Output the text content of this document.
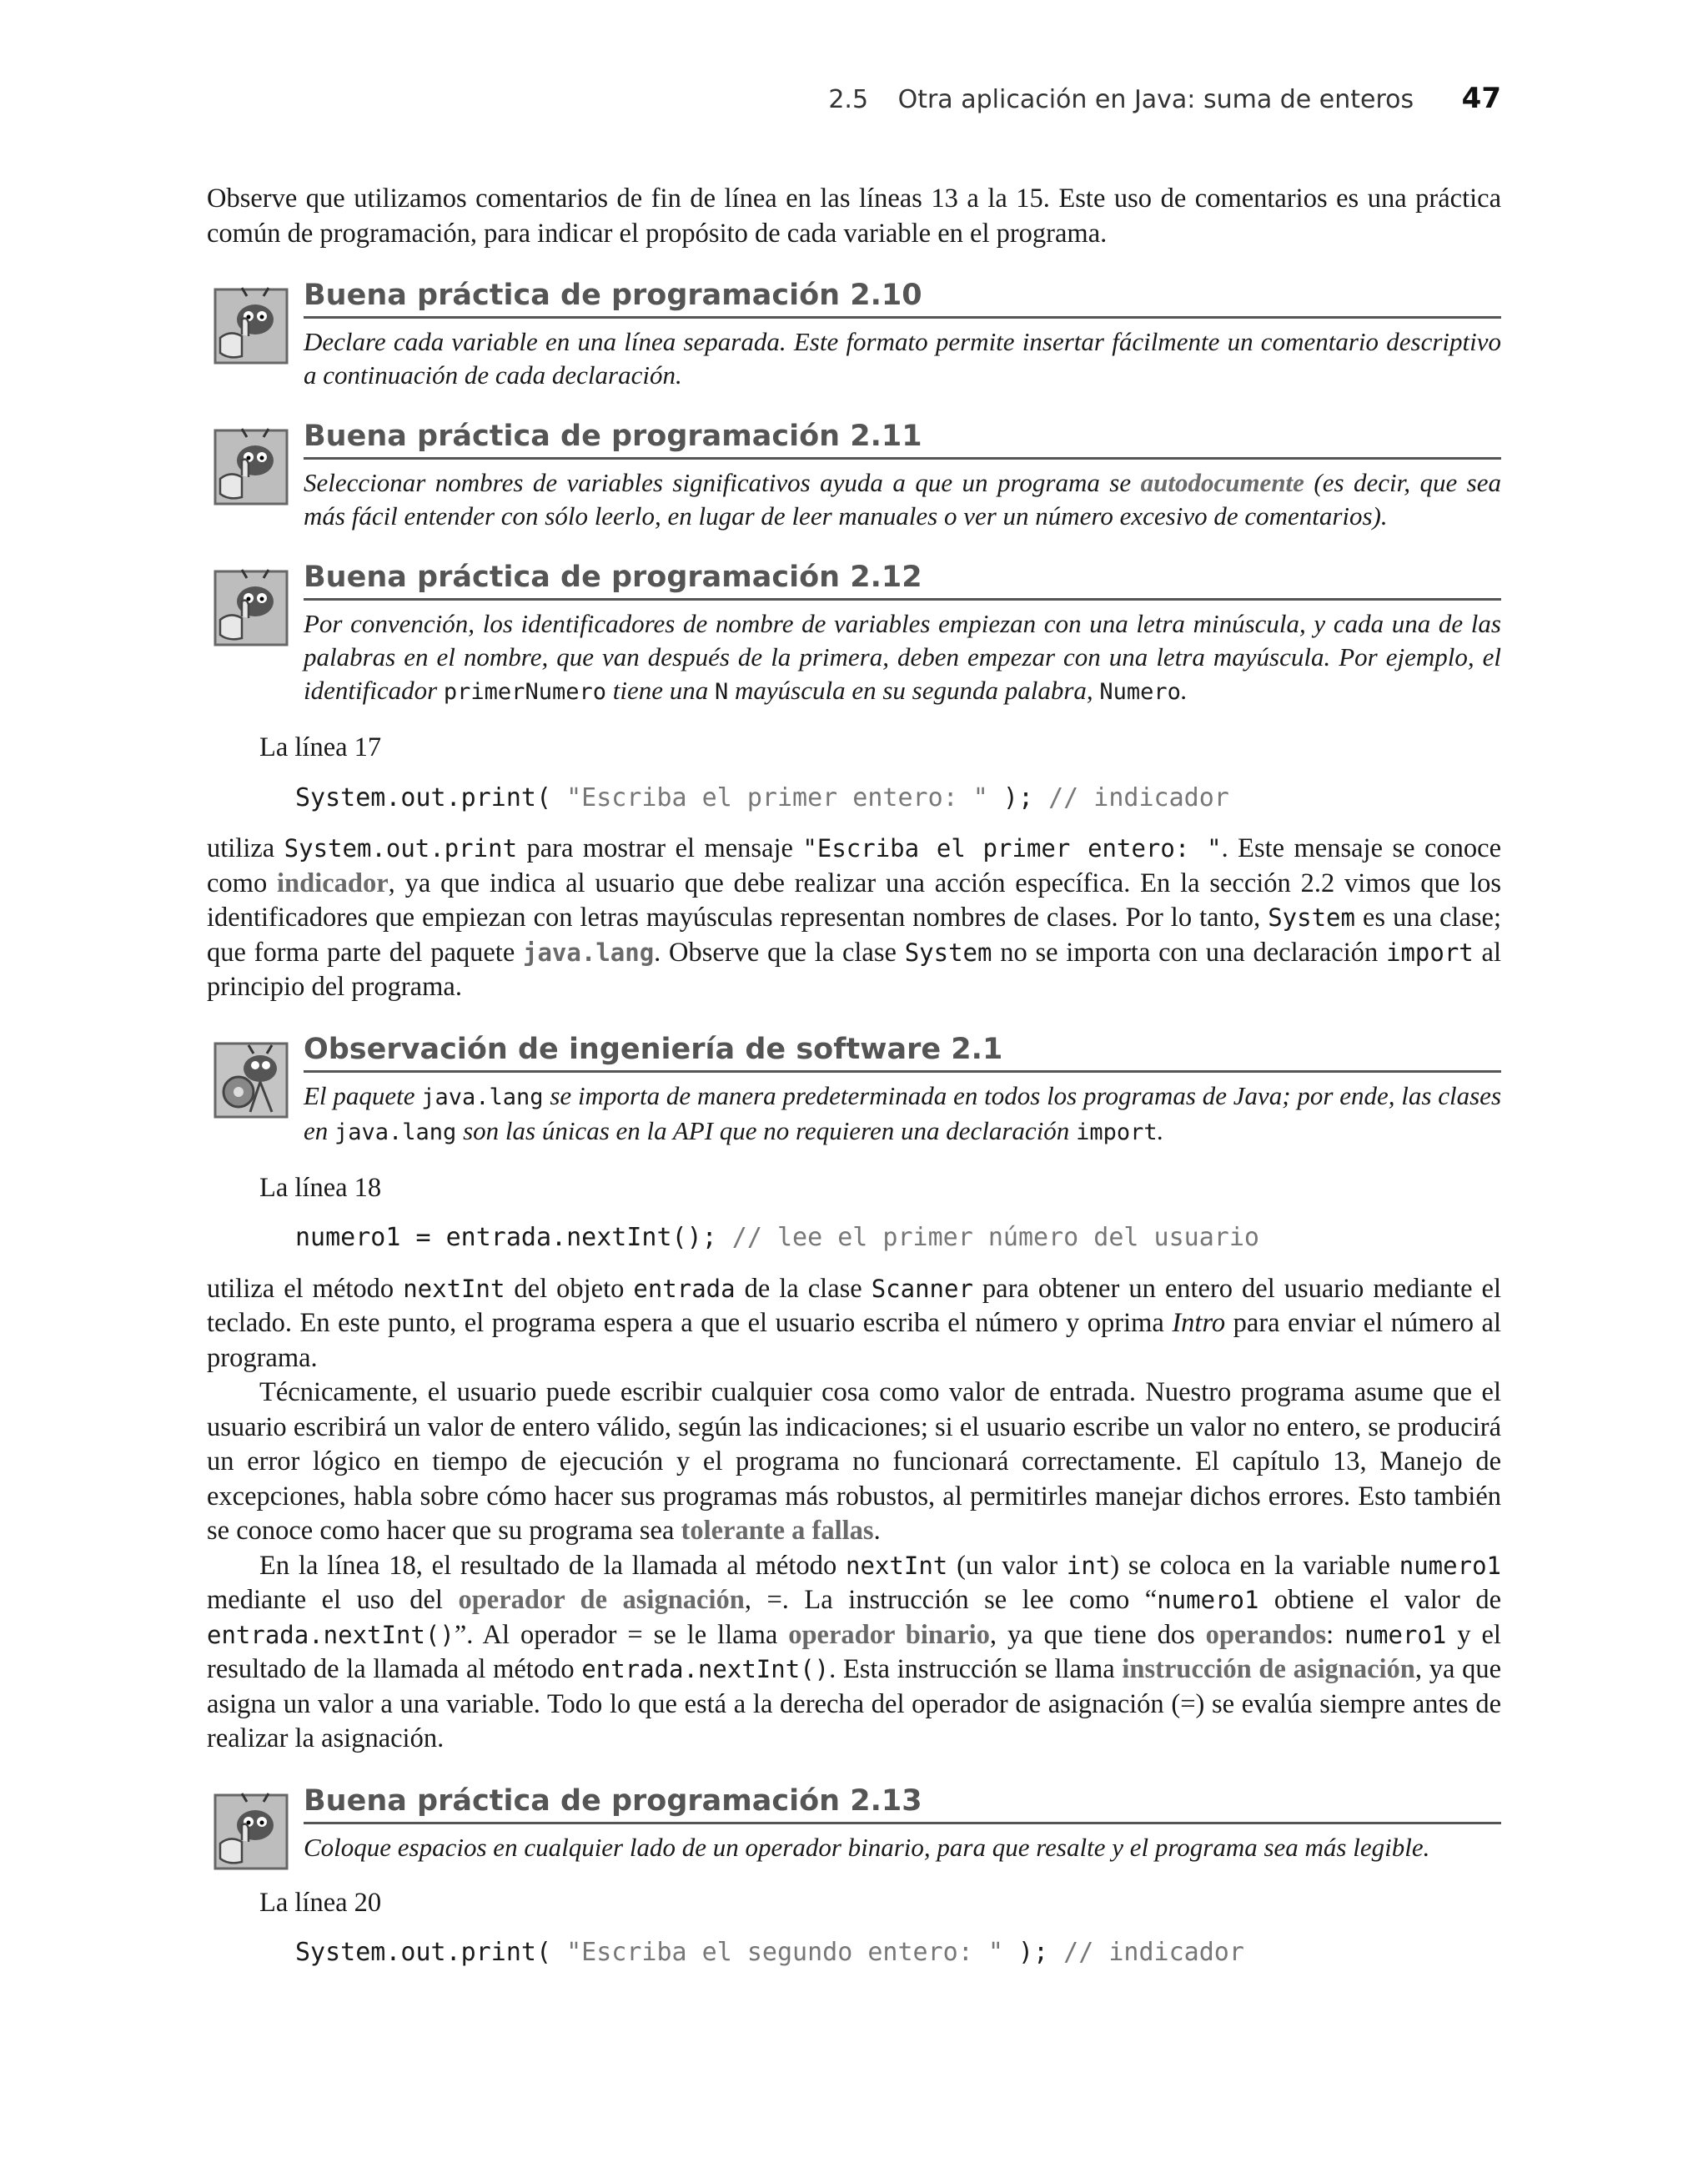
2.5 Otra aplicación en Java: suma de enteros 47

Observe que utilizamos comentarios de fin de línea en las líneas 13 a la 15. Este uso de comentarios es una práctica común de programación, para indicar el propósito de cada variable en el programa.

Buena práctica de programación 2.10
Declare cada variable en una línea separada. Este formato permite insertar fácilmente un comentario descriptivo a continuación de cada declaración.
Buena práctica de programación 2.11
Seleccionar nombres de variables significativos ayuda a que un programa se autodocumente (es decir, que sea más fácil entender con sólo leerlo, en lugar de leer manuales o ver un número excesivo de comentarios).
Buena práctica de programación 2.12
Por convención, los identificadores de nombre de variables empiezan con una letra minúscula, y cada una de las palabras en el nombre, que van después de la primera, deben empezar con una letra mayúscula. Por ejemplo, el identificador primerNumero tiene una N mayúscula en su segunda palabra, Numero.

La línea 17

System.out.print( "Escriba el primer entero: " ); // indicador

utiliza System.out.print para mostrar el mensaje "Escriba el primer entero: ". Este mensaje se conoce como indicador, ya que indica al usuario que debe realizar una acción específica. En la sección 2.2 vimos que los identificadores que empiezan con letras mayúsculas representan nombres de clases. Por lo tanto, System es una clase; que forma parte del paquete java.lang. Observe que la clase System no se importa con una declaración import al principio del programa.

Observación de ingeniería de software 2.1
El paquete java.lang se importa de manera predeterminada en todos los programas de Java; por ende, las clases en java.lang son las únicas en la API que no requieren una declaración import.

La línea 18

numero1 = entrada.nextInt(); // lee el primer número del usuario

utiliza el método nextInt del objeto entrada de la clase Scanner para obtener un entero del usuario mediante el teclado. En este punto, el programa espera a que el usuario escriba el número y oprima Intro para enviar el número al programa.

Técnicamente, el usuario puede escribir cualquier cosa como valor de entrada. Nuestro programa asume que el usuario escribirá un valor de entero válido, según las indicaciones; si el usuario escribe un valor no entero, se producirá un error lógico en tiempo de ejecución y el programa no funcionará correctamente. El capítulo 13, Manejo de excepciones, habla sobre cómo hacer sus programas más robustos, al permitirles manejar dichos errores. Esto también se conoce como hacer que su programa sea tolerante a fallas.

En la línea 18, el resultado de la llamada al método nextInt (un valor int) se coloca en la variable numero1 mediante el uso del operador de asignación, =. La instrucción se lee como “numero1 obtiene el valor de entrada.nextInt()”. Al operador = se le llama operador binario, ya que tiene dos operandos: numero1 y el resultado de la llamada al método entrada.nextInt(). Esta instrucción se llama instrucción de asignación, ya que asigna un valor a una variable. Todo lo que está a la derecha del operador de asignación (=) se evalúa siempre antes de realizar la asignación.

Buena práctica de programación 2.13
Coloque espacios en cualquier lado de un operador binario, para que resalte y el programa sea más legible.

La línea 20

System.out.print( "Escriba el segundo entero: " ); // indicador
